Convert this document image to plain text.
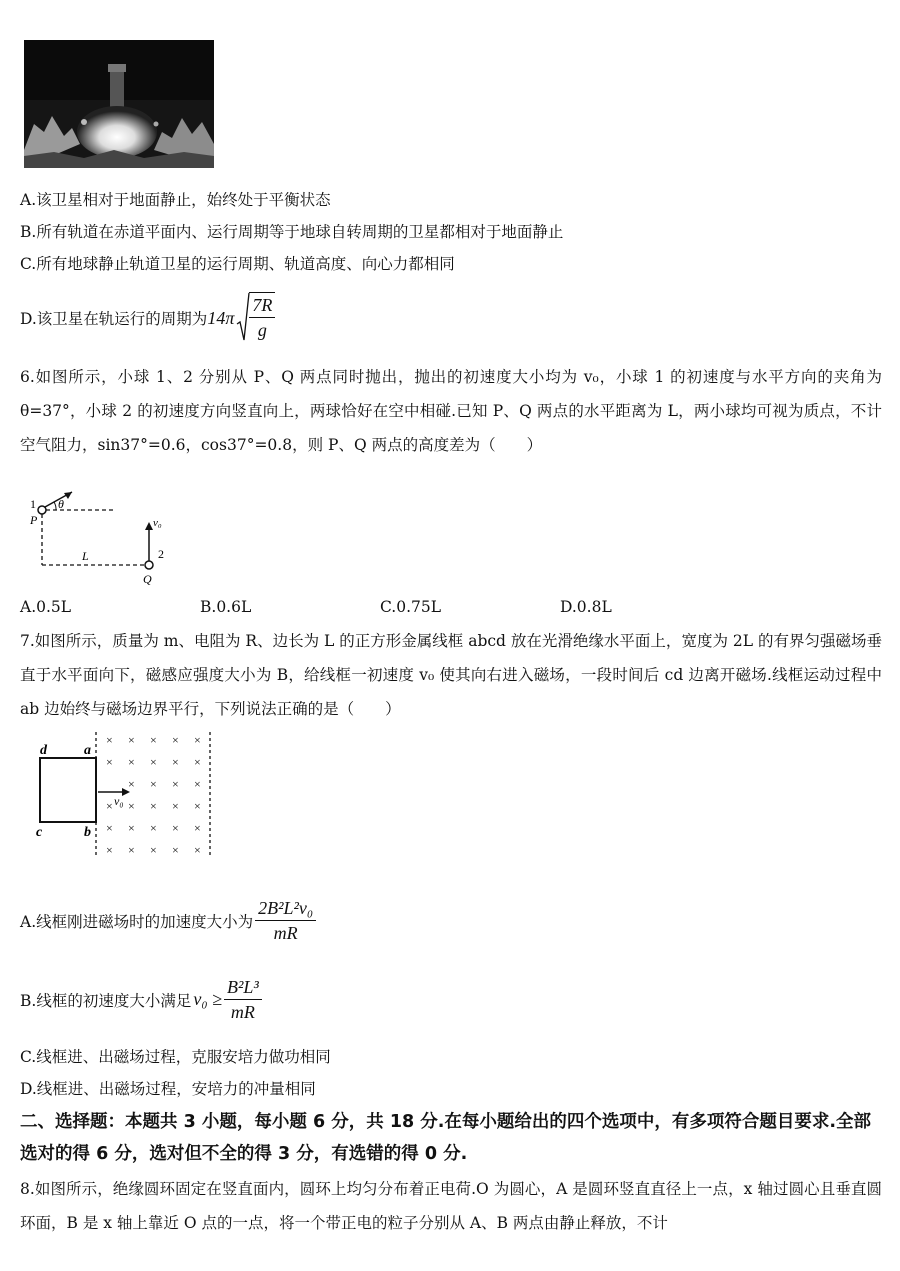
A.该卫星相对于地面静止，始终处于平衡状态
B.所有轨道在赤道平面内、运行周期等于地球自转周期的卫星都相对于地面静止
C.所有地球静止轨道卫星的运行周期、轨道高度、向心力都相同
D.该卫星在轨运行的周期为 $14\pi \frac{7R}{g}$
6.如图所示，小球 1、2 分别从 P、Q 两点同时抛出，抛出的初速度大小均为 v₀，小球 1 的初速度与水平方向的夹角为 θ=37°，小球 2 的初速度方向竖直向上，两球恰好在空中相碰.已知 P、Q 两点的水平距离为 L，两小球均可视为质点，不计空气阻力，sin37°=0.6，cos37°=0.8，则 P、Q 两点的高度差为（　　）
θ
1
P
L
v₀
2
Q
A.0.5L	B.0.6L	C.0.75L	D.0.8L
7.如图所示，质量为 m、电阻为 R、边长为 L 的正方形金属线框 abcd 放在光滑绝缘水平面上，宽度为 2L 的有界匀强磁场垂直于水平面向下，磁感应强度大小为 B，给线框一初速度 v₀ 使其向右进入磁场，一段时间后 cd 边离开磁场.线框运动过程中 ab 边始终与磁场边界平行，下列说法正确的是（　　）
v₀
d	a
c	b
× × × × ×
× × × × ×
× × × ×
× × × × ×
× × × × ×
× × × × ×
A.线框刚进磁场时的加速度大小为 $\frac{\text{2B²L²v₀}}{mR}$
B.线框的初速度大小满足 $v_0 \ge \frac{\text{B²L³}}{mR}$
C.线框进、出磁场过程，克服安培力做功相同
D.线框进、出磁场过程，安培力的冲量相同
二、选择题：本题共 3 小题，每小题 6 分，共 18 分.在每小题给出的四个选项中，有多项符合题目要求.全部选对的得 6 分，选对但不全的得 3 分，有选错的得 0 分.
8.如图所示，绝缘圆环固定在竖直面内，圆环上均匀分布着正电荷.O 为圆心，A 是圆环竖直直径上一点，x 轴过圆心且垂直圆环面，B 是 x 轴上靠近 O 点的一点，将一个带正电的粒子分别从 A、B 两点由静止释放，不计
